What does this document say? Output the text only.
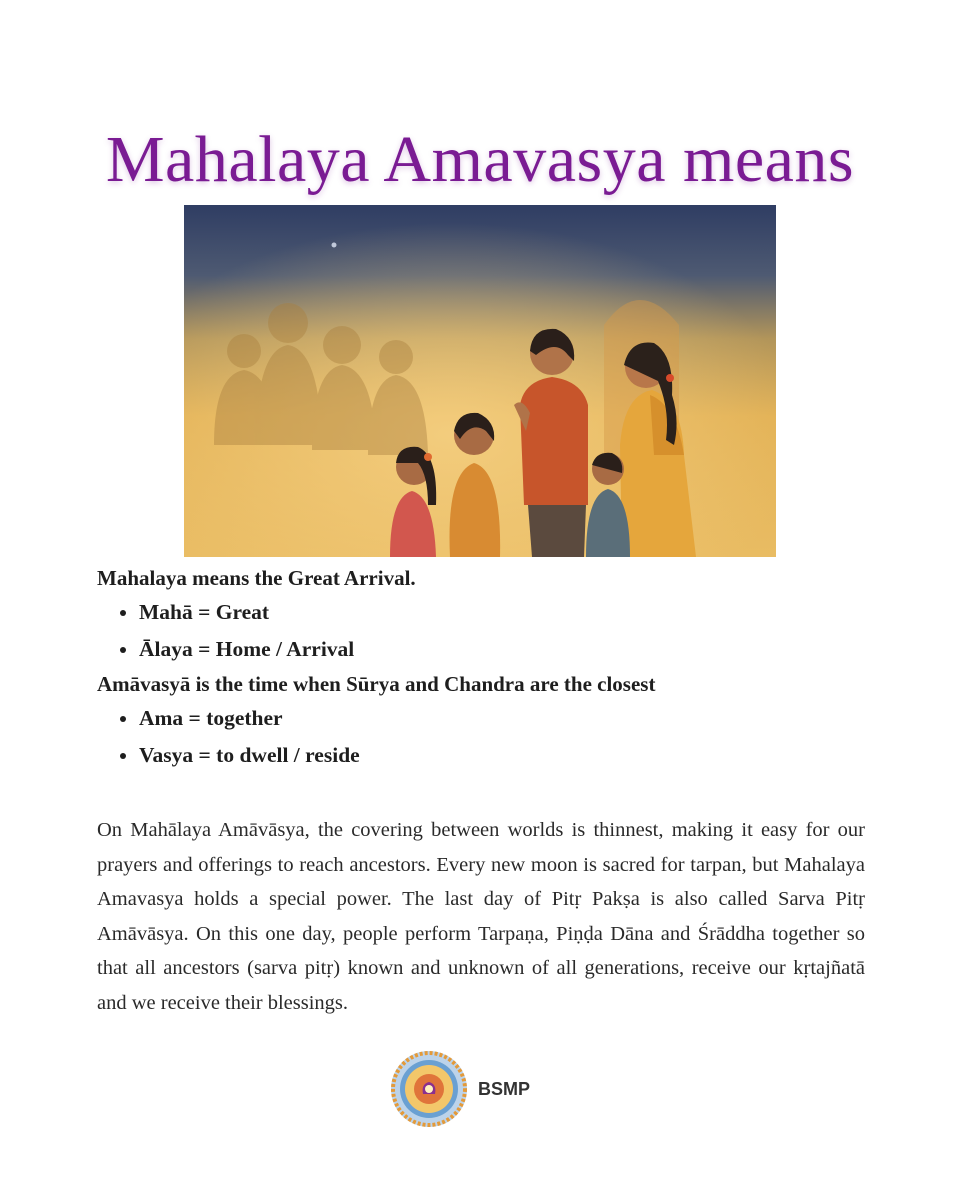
Mahalaya Amavasya means

Mahalaya means the Great Arrival.

• Mahā = Great
• Ālaya = Home / Arrival

Amāvasyā is the time when Sūrya and Chandra are the closest

• Ama = together
• Vasya = to dwell / reside

On Mahālaya Amāvāsya, the covering between worlds is thinnest, making it easy for our prayers and offerings to reach ancestors. Every new moon is sacred for tarpan, but Mahalaya Amavasya holds a special power. The last day of Pitṛ Pakṣa is also called Sarva Pitṛ Amāvāsya. On this one day, people perform Tarpaṇa, Piṇḍa Dāna and Śrāddha together so that all ancestors (sarva pitṛ) known and unknown of all generations, receive our kṛtajñatā and we receive their blessings.

BSMP
